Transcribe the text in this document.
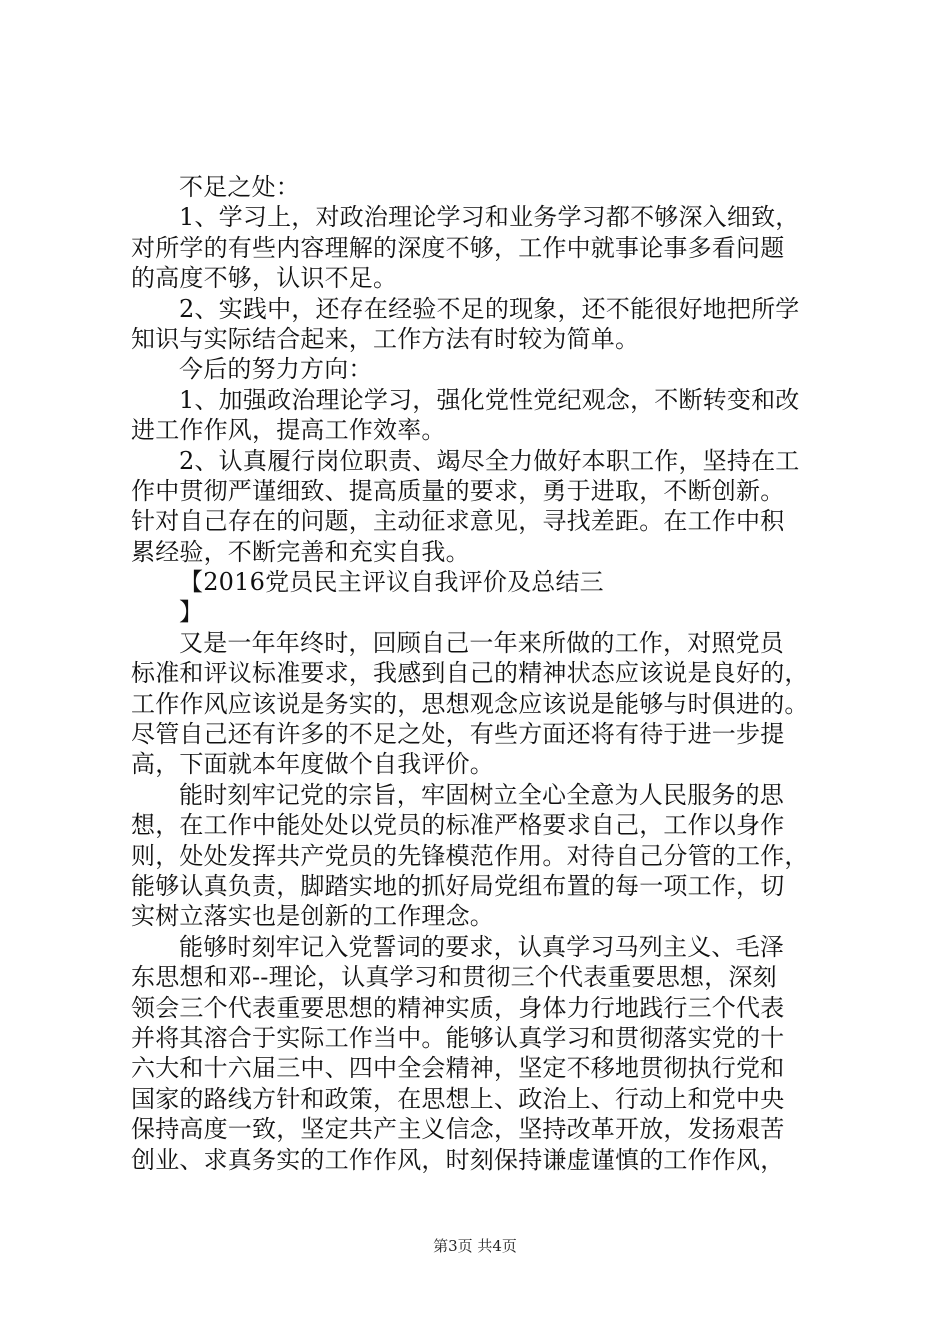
不足之处：
1、学习上，对政治理论学习和业务学习都不够深入细致，
对所学的有些内容理解的深度不够，工作中就事论事多看问题
的高度不够，认识不足。
2、实践中，还存在经验不足的现象，还不能很好地把所学
知识与实际结合起来，工作方法有时较为简单。
今后的努力方向：
1、加强政治理论学习，强化党性党纪观念，不断转变和改
进工作作风，提高工作效率。
2、认真履行岗位职责、竭尽全力做好本职工作，坚持在工
作中贯彻严谨细致、提高质量的要求，勇于进取，不断创新。
针对自己存在的问题，主动征求意见，寻找差距。在工作中积
累经验，不断完善和充实自我。
【2016党员民主评议自我评价及总结三
】
又是一年年终时，回顾自己一年来所做的工作，对照党员
标准和评议标准要求，我感到自己的精神状态应该说是良好的，
工作作风应该说是务实的，思想观念应该说是能够与时俱进的。
尽管自己还有许多的不足之处，有些方面还将有待于进一步提
高，下面就本年度做个自我评价。
能时刻牢记党的宗旨，牢固树立全心全意为人民服务的思
想，在工作中能处处以党员的标准严格要求自己，工作以身作
则，处处发挥共产党员的先锋模范作用。对待自己分管的工作，
能够认真负责，脚踏实地的抓好局党组布置的每一项工作，切
实树立落实也是创新的工作理念。
能够时刻牢记入党誓词的要求，认真学习马列主义、毛泽
东思想和邓--理论，认真学习和贯彻三个代表重要思想，深刻
领会三个代表重要思想的精神实质，身体力行地践行三个代表
并将其溶合于实际工作当中。能够认真学习和贯彻落实党的十
六大和十六届三中、四中全会精神，坚定不移地贯彻执行党和
国家的路线方针和政策，在思想上、政治上、行动上和党中央
保持高度一致，坚定共产主义信念，坚持改革开放，发扬艰苦
创业、求真务实的工作作风，时刻保持谦虚谨慎的工作作风，
第3页 共4页
